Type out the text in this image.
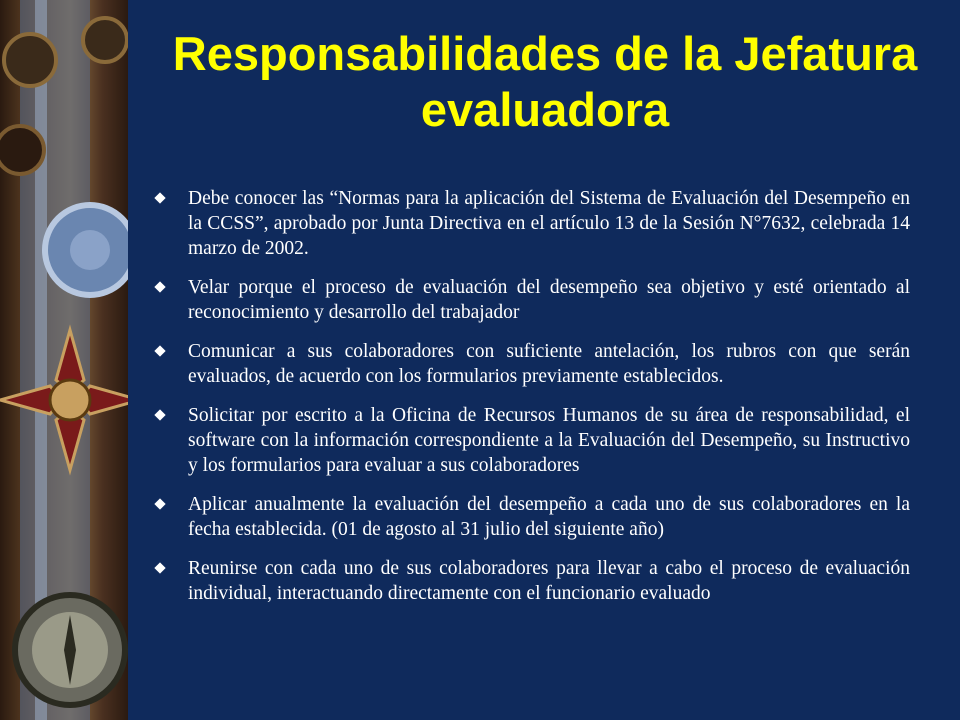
Responsabilidades de la Jefatura evaluadora
Debe conocer las “Normas para la aplicación del Sistema de Evaluación del Desempeño en la CCSS”, aprobado por Junta Directiva en el artículo 13 de la Sesión N°7632, celebrada 14 marzo de 2002.
Velar porque el proceso de evaluación del desempeño sea objetivo y esté orientado al reconocimiento y desarrollo del trabajador
Comunicar a sus colaboradores con suficiente antelación, los rubros con que serán evaluados, de acuerdo con los formularios previamente establecidos.
Solicitar por escrito a la Oficina de Recursos Humanos de su área de responsabilidad, el software con la información correspondiente a la Evaluación del Desempeño, su Instructivo y los formularios para evaluar a sus colaboradores
Aplicar anualmente la evaluación del desempeño a cada uno de sus colaboradores en la fecha establecida. (01 de agosto al 31 julio del siguiente año)
Reunirse con cada uno de sus colaboradores para llevar a cabo el proceso de evaluación individual, interactuando directamente con el funcionario evaluado
